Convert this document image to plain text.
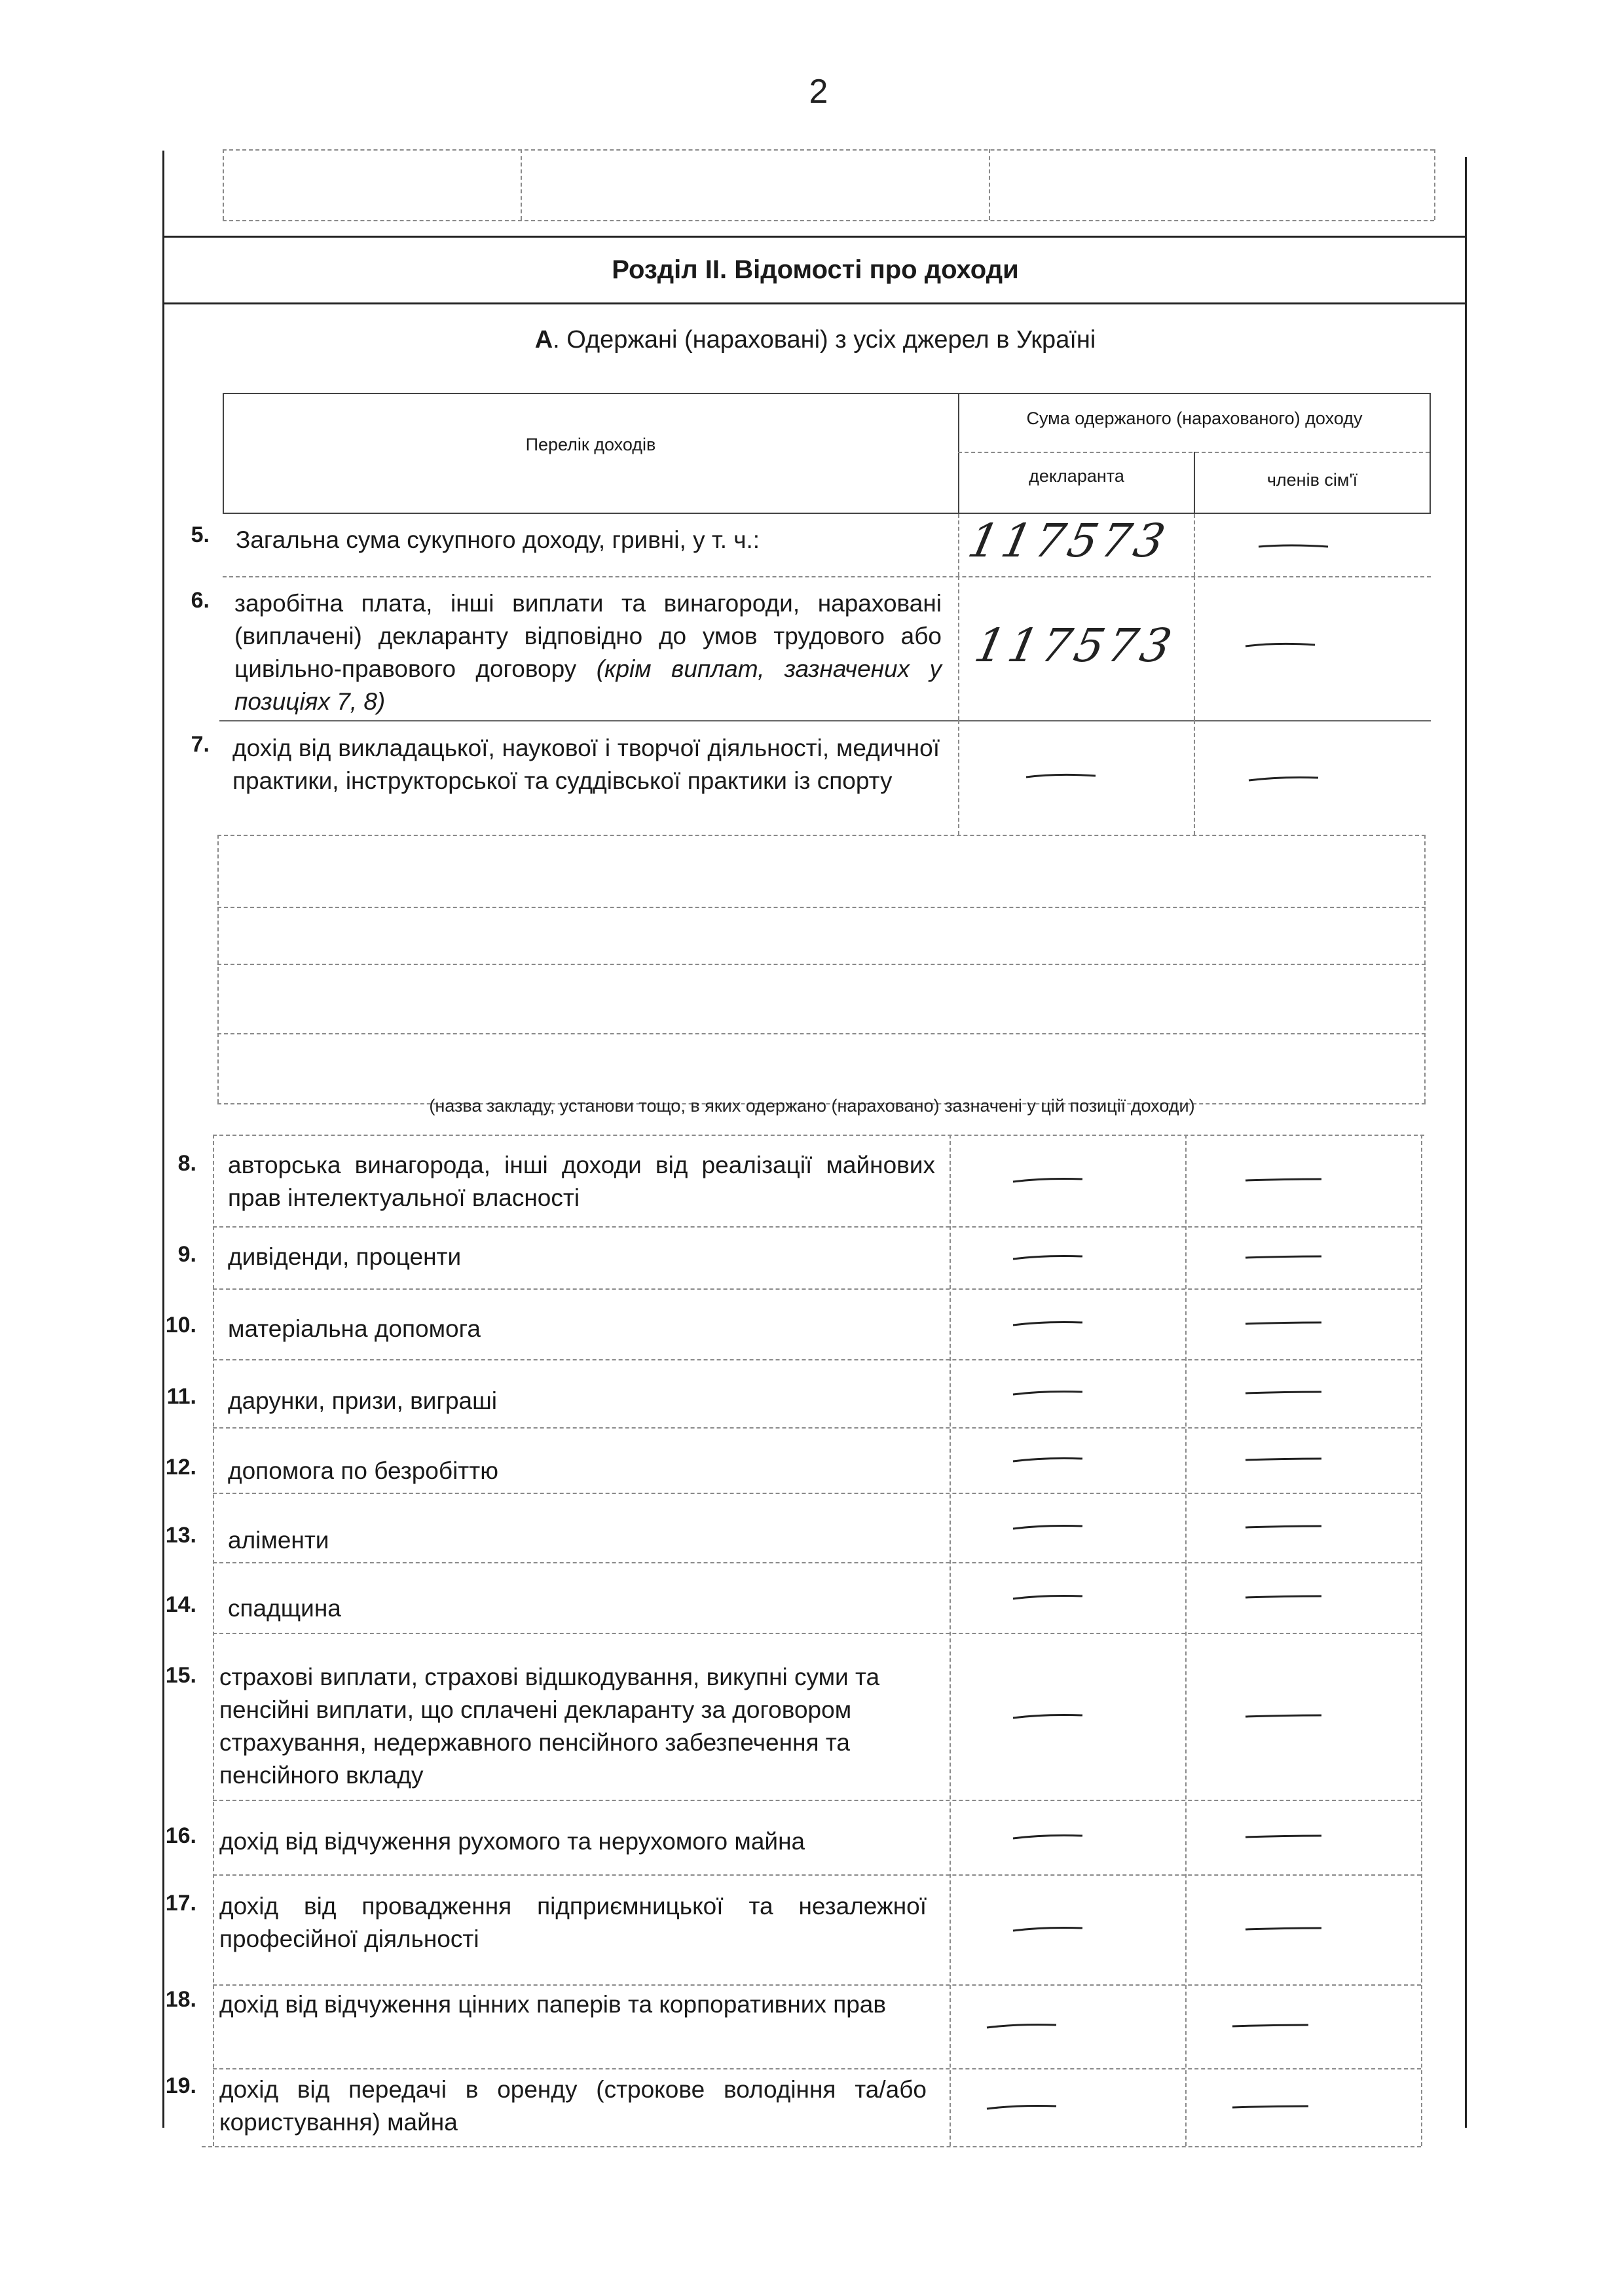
2
Розділ ІІ. Відомості про доходи
А. Одержані (нараховані) з усіх джерел в Україні
Перелік доходів
Сума одержаного (нарахованого) доходу
декларанта	членів сім'ї
5. Загальна сума сукупного доходу, гривні, у т. ч.:	117573
6. заробітна плата, інші виплати та винагороди, нараховані (виплачені) декларанту відповідно до умов трудового або цивільно-правового договору (крім виплат, зазначених у позиціях 7, 8)
117573
7. дохід від викладацької, наукової і творчої діяльності, медичної практики, інструкторської та суддівської практики із спорту
(назва закладу, установи тощо, в яких одержано (нараховано) зазначені у цій позиції доходи)
8. авторська винагорода, інші доходи від реалізації майнових прав інтелектуальної власності
9. дивіденди, проценти
10. матеріальна допомога
11. дарунки, призи, виграші
12. допомога по безробіттю
13. аліменти
14. спадщина
15. страхові виплати, страхові відшкодування, викупні суми та пенсійні виплати, що сплачені декларанту за договором страхування, недержавного пенсійного забезпечення та пенсійного вкладу
16. дохід від відчуження рухомого та нерухомого майна
17. дохід від провадження підприємницької та незалежної професійної діяльності
18. дохід від відчуження цінних паперів та корпоративних прав
19. дохід від передачі в оренду (строкове володіння та/або користування) майна
